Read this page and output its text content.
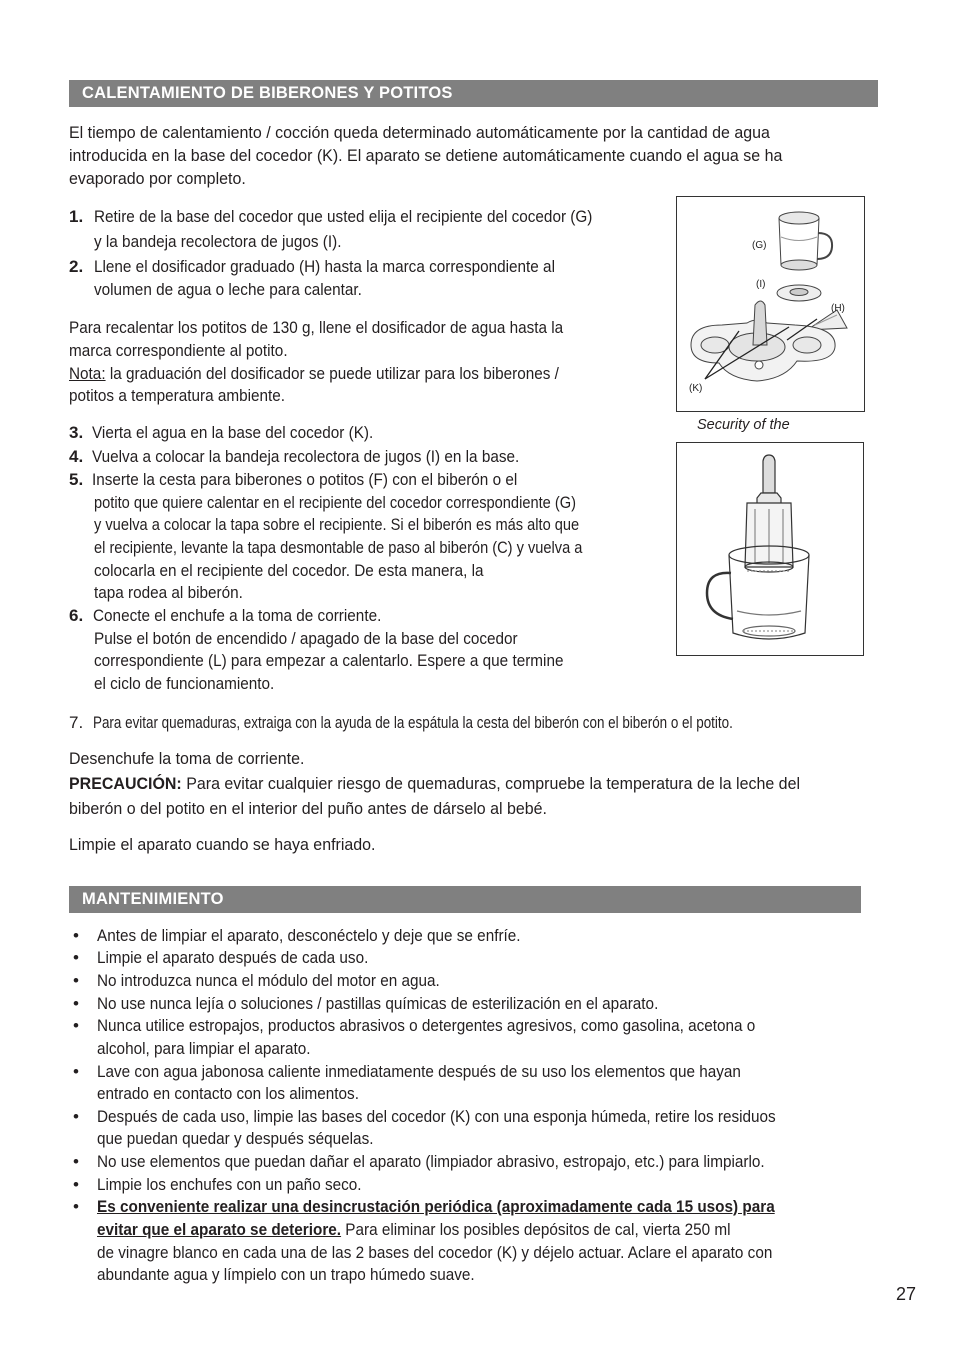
CALENTAMIENTO DE BIBERONES Y POTITOS
El tiempo de calentamiento / cocción queda determinado automáticamente por la cantidad de agua
introducida en la base del cocedor (K). El aparato se detiene automáticamente cuando el agua se ha
evaporado por completo.
1. Retire de la base del cocedor que usted elija el recipiente del cocedor (G)
y la bandeja recolectora de jugos (I).
2. Llene el dosificador graduado (H) hasta la marca correspondiente al
volumen de agua o leche para calentar.
Para recalentar los potitos de 130 g, llene el dosificador de agua hasta la
marca correspondiente al potito.
Nota: la graduación del dosificador se puede utilizar para los biberones /
potitos a temperatura ambiente.
3. Vierta el agua en la base del cocedor (K).
4. Vuelva a colocar la bandeja recolectora de jugos (I) en la base.
5. Inserte la cesta para biberones o potitos (F) con el biberón o el
potito que quiere calentar en el recipiente del cocedor correspondiente (G)
y vuelva a colocar la tapa sobre el recipiente. Si el biberón es más alto que
el recipiente, levante la tapa desmontable de paso al biberón (C) y vuelva a
colocarla en el recipiente del cocedor. De esta manera, la
tapa rodea al biberón.
6. Conecte el enchufe a la toma de corriente.
Pulse el botón de encendido / apagado de la base del cocedor
correspondiente (L) para empezar a calentarlo. Espere a que termine
el ciclo de funcionamiento.
7. Para evitar quemaduras, extraiga con la ayuda de la espátula la cesta del biberón con el biberón o el potito.
Desenchufe la toma de corriente.
PRECAUCIÓN: Para evitar cualquier riesgo de quemaduras, compruebe la temperatura de la leche del
biberón o del potito en el interior del puño antes de dárselo al bebé.
Limpie el aparato cuando se haya enfriado.
(G)
(I)
(H)
(K)
Security of the
MANTENIMIENTO
• Antes de limpiar el aparato, desconéctelo y deje que se enfríe.
• Limpie el aparato después de cada uso.
• No introduzca nunca el módulo del motor en agua.
• No use nunca lejía o soluciones / pastillas químicas de esterilización en el aparato.
• Nunca utilice estropajos, productos abrasivos o detergentes agresivos, como gasolina, acetona o
alcohol, para limpiar el aparato.
• Lave con agua jabonosa caliente inmediatamente después de su uso los elementos que hayan
entrado en contacto con los alimentos.
• Después de cada uso, limpie las bases del cocedor (K) con una esponja húmeda, retire los residuos
que puedan quedar y después séquelas.
• No use elementos que puedan dañar el aparato (limpiador abrasivo, estropajo, etc.) para limpiarlo.
• Limpie los enchufes con un paño seco.
• Es conveniente realizar una desincrustación periódica (aproximadamente cada 15 usos) para
evitar que el aparato se deteriore. Para eliminar los posibles depósitos de cal, vierta 250 ml
de vinagre blanco en cada una de las 2 bases del cocedor (K) y déjelo actuar. Aclare el aparato con
abundante agua y límpielo con un trapo húmedo suave.
27
